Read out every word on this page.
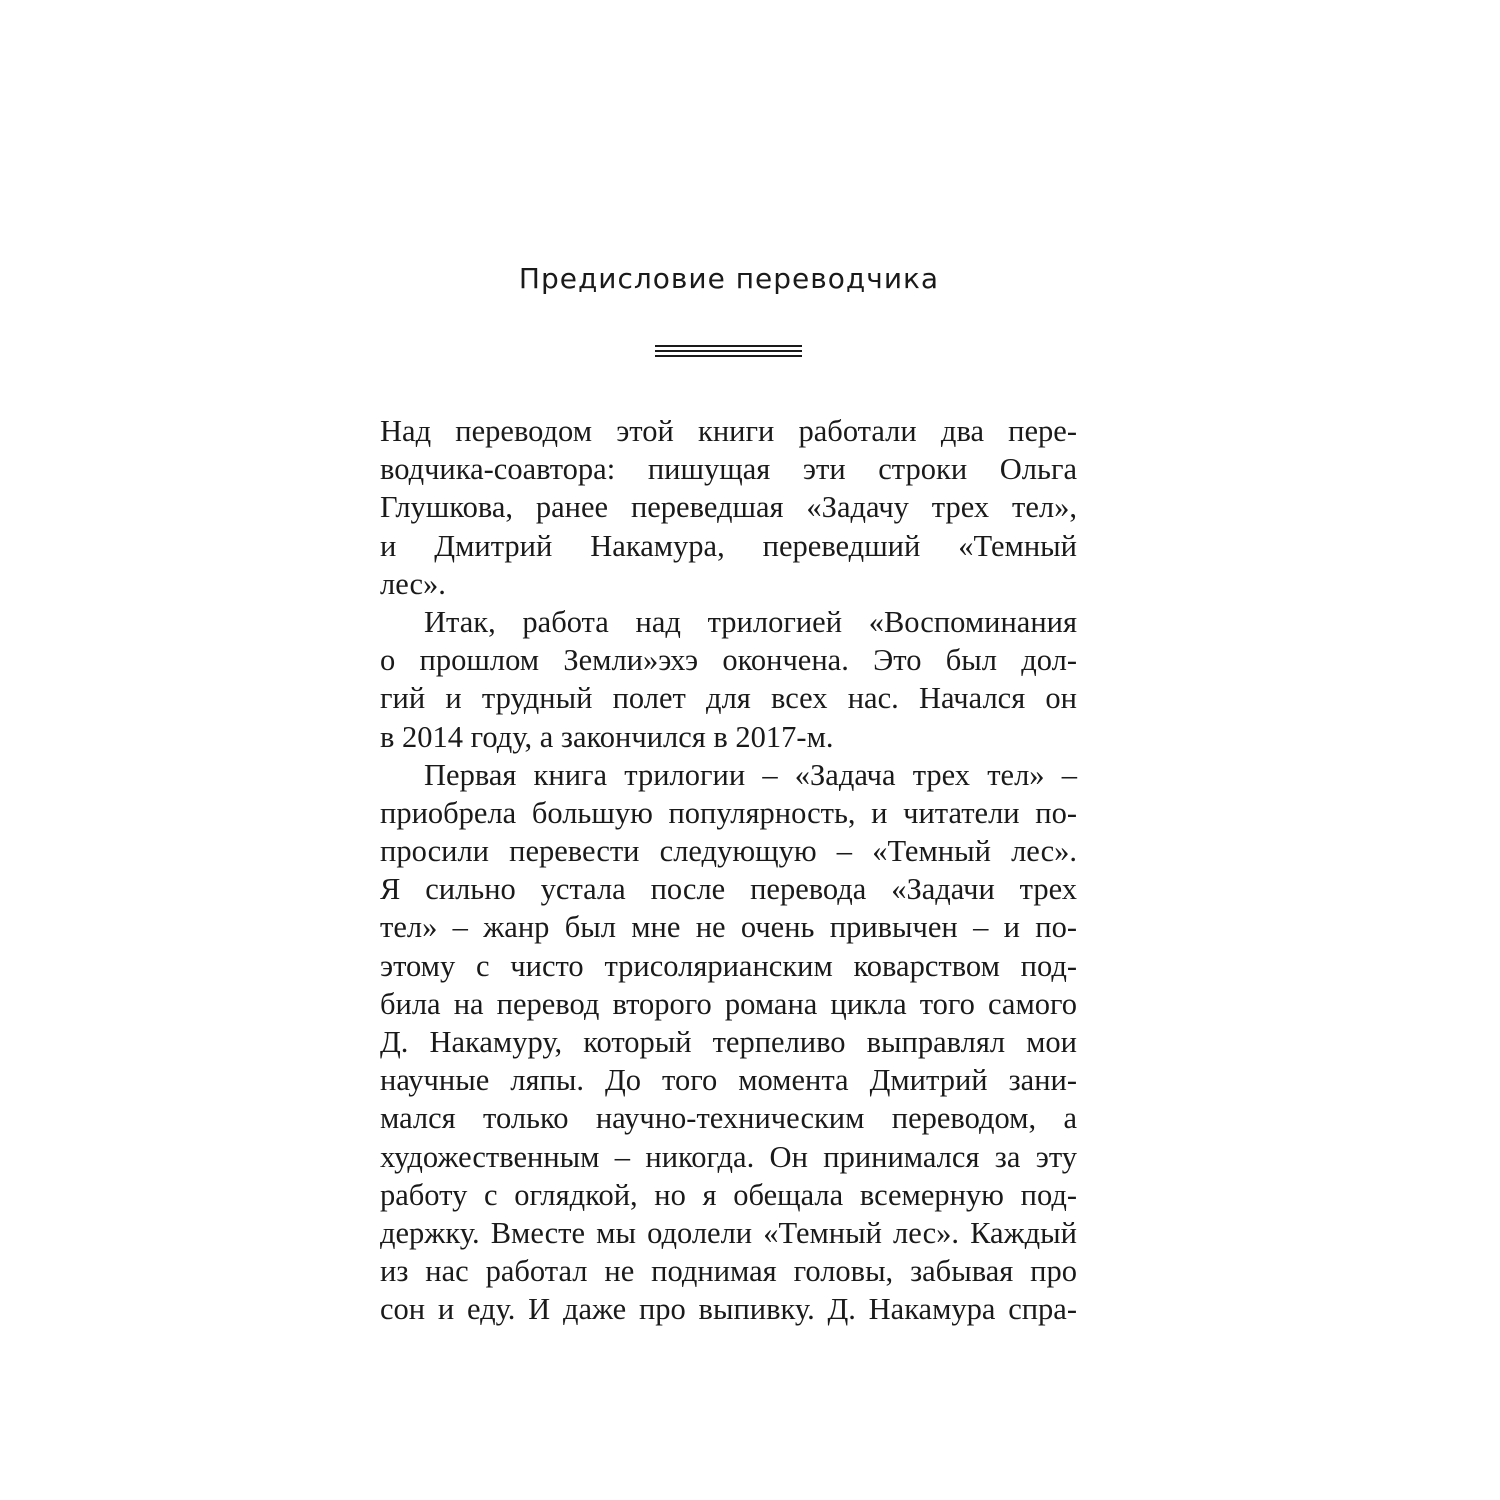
Предисловие переводчика
Над переводом этой книги работали два пере-
водчика-соавтора: пишущая эти строки Ольга
Глушкова, ранее переведшая «Задачу трех тел»,
и Дмитрий Накамура, переведший «Темный
лес».
Итак, работа над трилогией «Воспоминания
о прошлом Земли»эхэ окончена. Это был дол-
гий и трудный полет для всех нас. Начался он
в 2014 году, а закончился в 2017-м.
Первая книга трилогии – «Задача трех тел» –
приобрела большую популярность, и читатели по-
просили перевести следующую – «Темный лес».
Я сильно устала после перевода «Задачи трех
тел» – жанр был мне не очень привычен – и по-
этому с чисто трисолярианским коварством под-
била на перевод второго романа цикла того самого
Д. Накамуру, который терпеливо выправлял мои
научные ляпы. До того момента Дмитрий зани-
мался только научно-техническим переводом, а
художественным – никогда. Он принимался за эту
работу с оглядкой, но я обещала всемерную под-
держку. Вместе мы одолели «Темный лес». Каждый
из нас работал не поднимая головы, забывая про
сон и еду. И даже про выпивку. Д. Накамура спра-
